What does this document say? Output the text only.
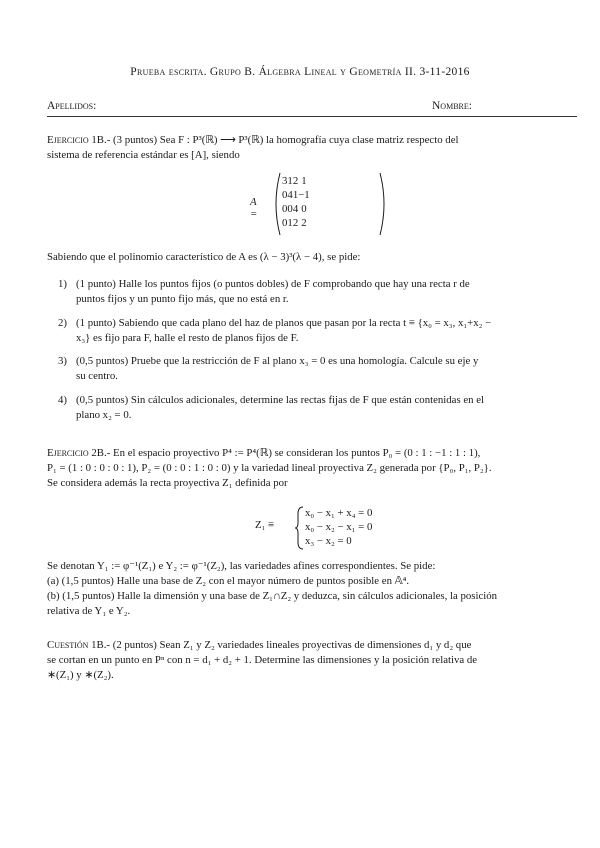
Prueba escrita. Grupo B. Álgebra Lineal y Geometría II. 3-11-2016
Apellidos:	Nombre:
Ejercicio 1B.- (3 puntos) Sea F : P³(ℝ) ⟶ P³(ℝ) la homografía cuya clase matriz respecto del
sistema de referencia estándar es [A], siendo
A =
3	1	2	1
0	4	1	−1
0	0	4	0
0	1	2	2
Sabiendo que el polinomio característico de A es (λ − 3)³(λ − 4), se pide:
1) (1 punto) Halle los puntos fijos (o puntos dobles) de F comprobando que hay una recta r de
puntos fijos y un punto fijo más, que no está en r.
2) (1 punto) Sabiendo que cada plano del haz de planos que pasan por la recta t ≡ {x₀ = x₃, x₁+x₂ −
x₃} es fijo para F, halle el resto de planos fijos de F.
3) (0,5 puntos) Pruebe que la restricción de F al plano x₃ = 0 es una homología. Calcule su eje y
su centro.
4) (0,5 puntos) Sin cálculos adicionales, determine las rectas fijas de F que están contenidas en el
plano x₂ = 0.
Ejercicio 2B.- En el espacio proyectivo P⁴ := P⁴(ℝ) se consideran los puntos P₀ = (0 : 1 : −1 : 1 : 1),
P₁ = (1 : 0 : 0 : 0 : 1), P₂ = (0 : 0 : 1 : 0 : 0) y la variedad lineal proyectiva Z₂ generada por {P₀, P₁, P₂}.
Se considera además la recta proyectiva Z₁ definida por
Z₁ ≡
x₀ − x₁ + x₄ = 0
x₀ − x₂ − x₁ = 0
x₃ − x₂ = 0
Se denotan Y₁ := φ⁻¹(Z₁) e Y₂ := φ⁻¹(Z₂), las variedades afines correspondientes. Se pide:
(a) (1,5 puntos) Halle una base de Z₂ con el mayor número de puntos posible en 𝔸⁴.
(b) (1,5 puntos) Halle la dimensión y una base de Z₁∩Z₂ y deduzca, sin cálculos adicionales, la posición
relativa de Y₁ e Y₂.
Cuestión 1B.- (2 puntos) Sean Z₁ y Z₂ variedades lineales proyectivas de dimensiones d₁ y d₂ que
se cortan en un punto en Pⁿ con n = d₁ + d₂ + 1. Determine las dimensiones y la posición relativa de
∗(Z₁) y ∗(Z₂).
